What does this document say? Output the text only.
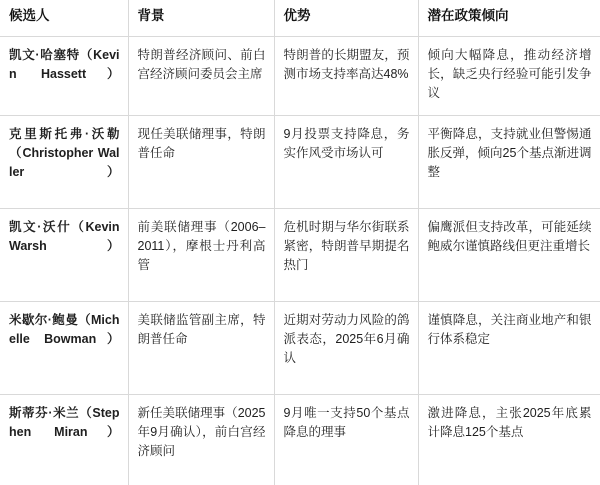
候选人	背景	优势	潜在政策倾向
凯文·哈塞特（Kevin Hassett）	特朗普经济顾问、前白宫经济顾问委员会主席	特朗普的长期盟友，预测市场支持率高达48%	倾向大幅降息，推动经济增长，缺乏央行经验可能引发争议
克里斯托弗·沃勒（Christopher Waller）	现任美联储理事，特朗普任命	9月投票支持降息，务实作风受市场认可	平衡降息，支持就业但警惕通胀反弹，倾向25个基点渐进调整
凯文·沃什（Kevin Warsh）	前美联储理事（2006–2011），摩根士丹利高管	危机时期与华尔街联系紧密，特朗普早期提名热门	偏鹰派但支持改革，可能延续鲍威尔谨慎路线但更注重增长
米歇尔·鲍曼（Michelle Bowman）	美联储监管副主席，特朗普任命	近期对劳动力风险的鸽派表态，2025年6月确认	谨慎降息，关注商业地产和银行体系稳定
斯蒂芬·米兰（Stephen Miran）	新任美联储理事（2025年9月确认），前白宫经济顾问	9月唯一支持50个基点降息的理事	激进降息，主张2025年底累计降息125个基点
